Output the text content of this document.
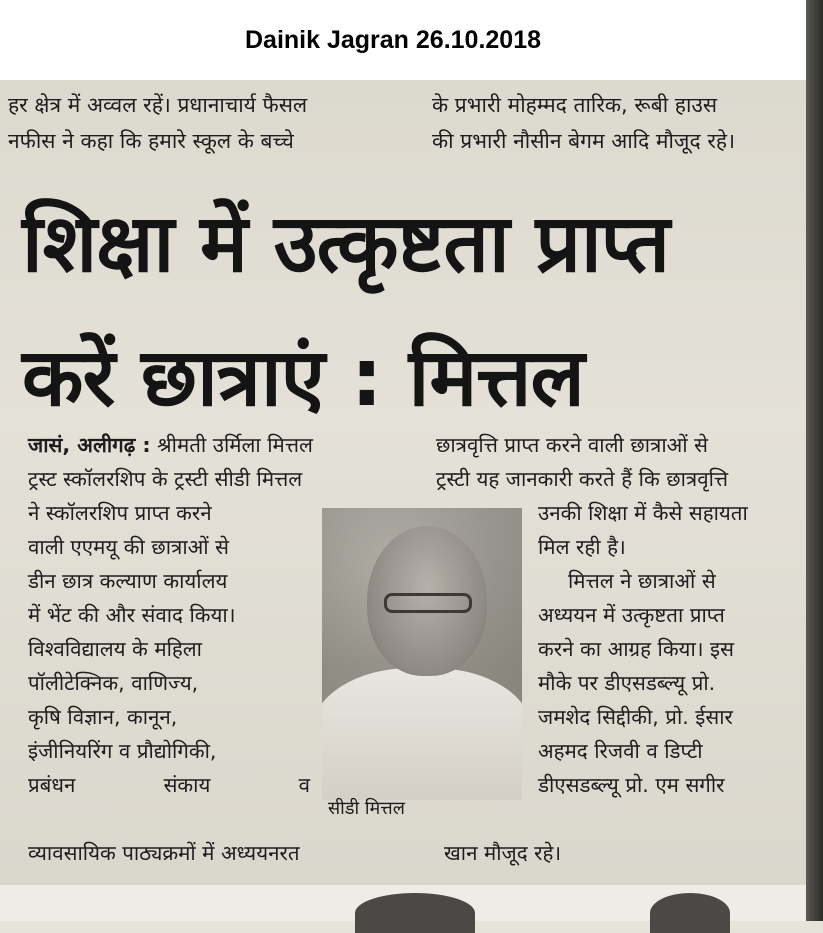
Dainik Jagran 26.10.2018
हर क्षेत्र में अव्वल रहें। प्रधानाचार्य फैसल
नफीस ने कहा कि हमारे स्कूल के बच्चे
के प्रभारी मोहम्मद तारिक, रूबी हाउस
की प्रभारी नौसीन बेगम आदि मौजूद रहे।
शिक्षा में उत्कृष्टता प्राप्त
करें छात्राएं : मित्तल
जासं, अलीगढ़ : श्रीमती उर्मिला मित्तल
ट्रस्ट स्कॉलरशिप के ट्रस्टी सीडी मित्तल
ने स्कॉलरशिप प्राप्त करने
वाली एएमयू की छात्राओं से
डीन छात्र कल्याण कार्यालय
में भेंट की और संवाद किया।
विश्वविद्यालय के महिला
पॉलीटेक्निक, वाणिज्य,
कृषि विज्ञान, कानून,
इंजीनियरिंग व प्रौद्योगिकी,
प्रबंधन संकाय व
व्यावसायिक पाठ्यक्रमों में अध्ययनरत
छात्रवृत्ति प्राप्त करने वाली छात्राओं से
ट्रस्टी यह जानकारी करते हैं कि छात्रवृत्ति
उनकी शिक्षा में कैसे सहायता
मिल रही है।
मित्तल ने छात्राओं से
अध्ययन में उत्कृष्टता प्राप्त
करने का आग्रह किया। इस
मौके पर डीएसडब्ल्यू प्रो.
जमशेद सिद्दीकी, प्रो. ईसार
अहमद रिजवी व डिप्टी
डीएसडब्ल्यू प्रो. एम सगीर
खान मौजूद रहे।
सीडी मित्तल
